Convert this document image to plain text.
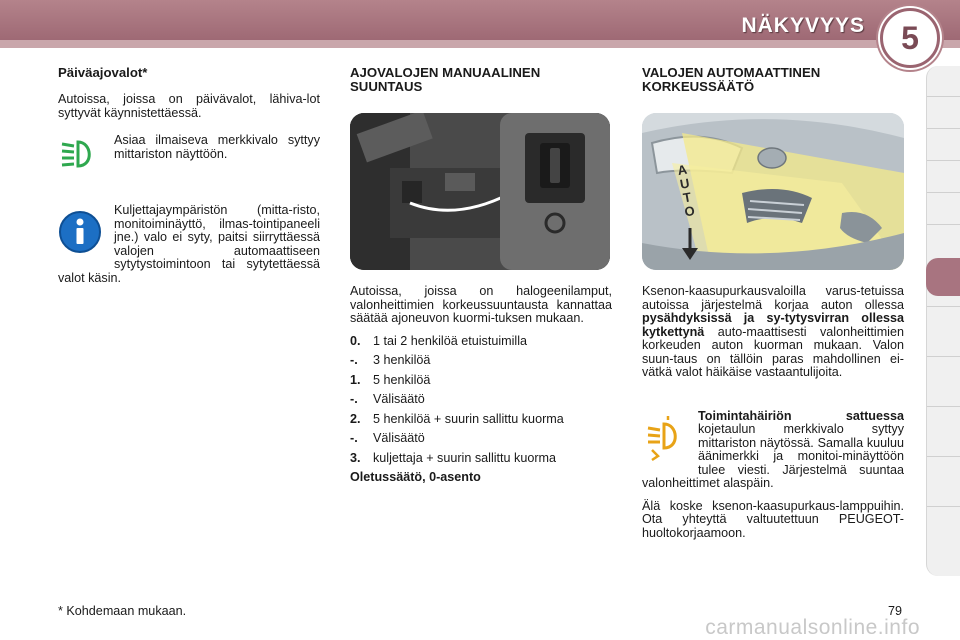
NÄKYVYYS	5
Päiväajovalot*

Autoissa, joissa on päivävalot, lähiva-lot syttyvät käynnistettäessä.

Asiaa ilmaiseva merkkivalo syttyy mittariston näyttöön.

Kuljettajaympäristön (mitta-risto, monitoiminäyttö, ilmas-tointipaneeli jne.) valo ei syty, paitsi siirryttäessä valojen automaattiseen sytytystoimintoon tai sytytettäessä valot käsin.

AJOVALOJEN MANUAALINEN SUUNTAUS

Autoissa, joissa on halogeenilamput, valonheittimien korkeussuuntausta kannattaa säätää ajoneuvon kuormi-tuksen mukaan.

0. 1 tai 2 henkilöä etuistuimilla
-.	3 henkilöä
1. 5 henkilöä
-.	Välisäätö
2. 5 henkilöä + suurin sallittu kuorma
-.	Välisäätö
3. kuljettaja + suurin sallittu kuorma

Oletussäätö, 0-asento

VALOJEN AUTOMAATTINEN KORKEUSSÄÄTÖ
AUTO

Ksenon-kaasupurkausvaloilla varus-tetuissa autoissa järjestelmä korjaa auton ollessa pysähdyksissä ja sy-tytysvirran ollessa kytkettynä auto-maattisesti valonheittimien korkeuden auton kuorman mukaan. Valon suun-taus on tällöin paras mahdollinen ei-vätkä valot häikäise vastaantulijoita.

Toimintahäiriön sattuessa kojetaulun merkkivalo syttyy mittariston näytössä. Samalla kuuluu äänimerkki ja monitoi-minäyttöön tulee viesti. Järjestelmä suuntaa valonheittimet alaspäin.

Älä koske ksenon-kaasupurkaus-lamppuihin. Ota yhteyttä valtuutettuun PEUGEOT-huoltokorjaamoon.

* Kohdemaan mukaan.	79
carmanualsonline.info
